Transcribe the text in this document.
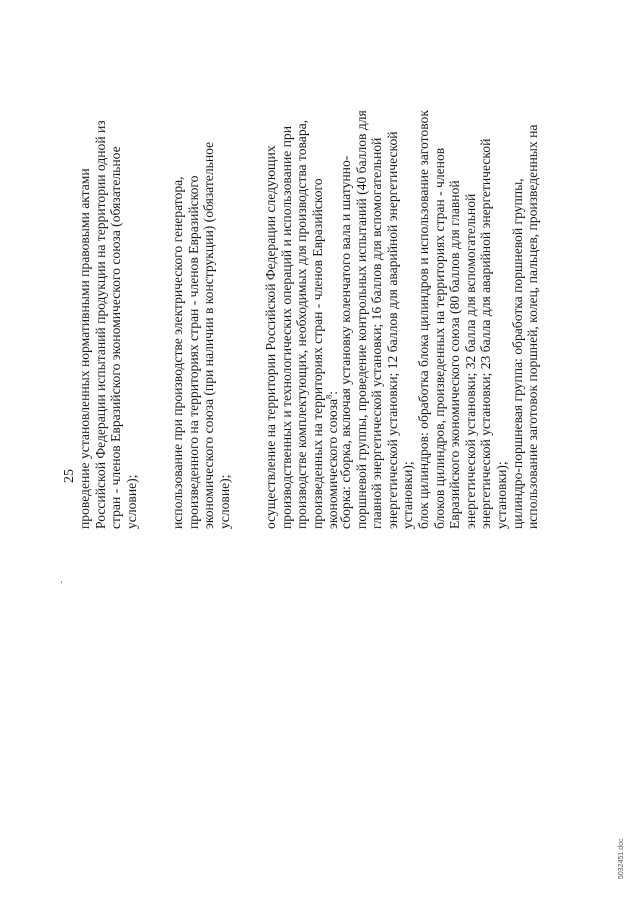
25 проведение установленных нормативными правовыми актами Российской Федерации испытаний продукции на территории одной из стран - членов Евразийского экономического союза (обязательное условие); использование при производстве электрического генератора, произведенного на территориях стран - членов Евразийского экономического союза (при наличии в конструкции) (обязательное условие); осуществление на территории Российской Федерации следующих производственных и технологических операций и использование при производстве комплектующих, необходимых для производства товара, произведенных на территориях стран - членов Евразийского экономического союза$^8$:
сборка: сборка, включая установку коленчатого вала и шатунно- поршневой группы, проведение контрольных испытаний (40 баллов для главной энергетической установки; 16 баллов для вспомогательной энергетической установки; 12 баллов для аварийной энергетической установки); блок цилиндров: обработка блока цилиндров и использование заготовок блоков цилиндров, произведенных на территориях стран - членов Евразийского экономического союза (80 баллов для главной энергетической установки; 32 балла для вспомогательной энергетической установки; 23 балла для аварийной энергетической установки); цилиндро-поршневая группа: обработка поршневой группы, использование заготовок поршней, колец, пальцев, произведенных на
5032451.doc
